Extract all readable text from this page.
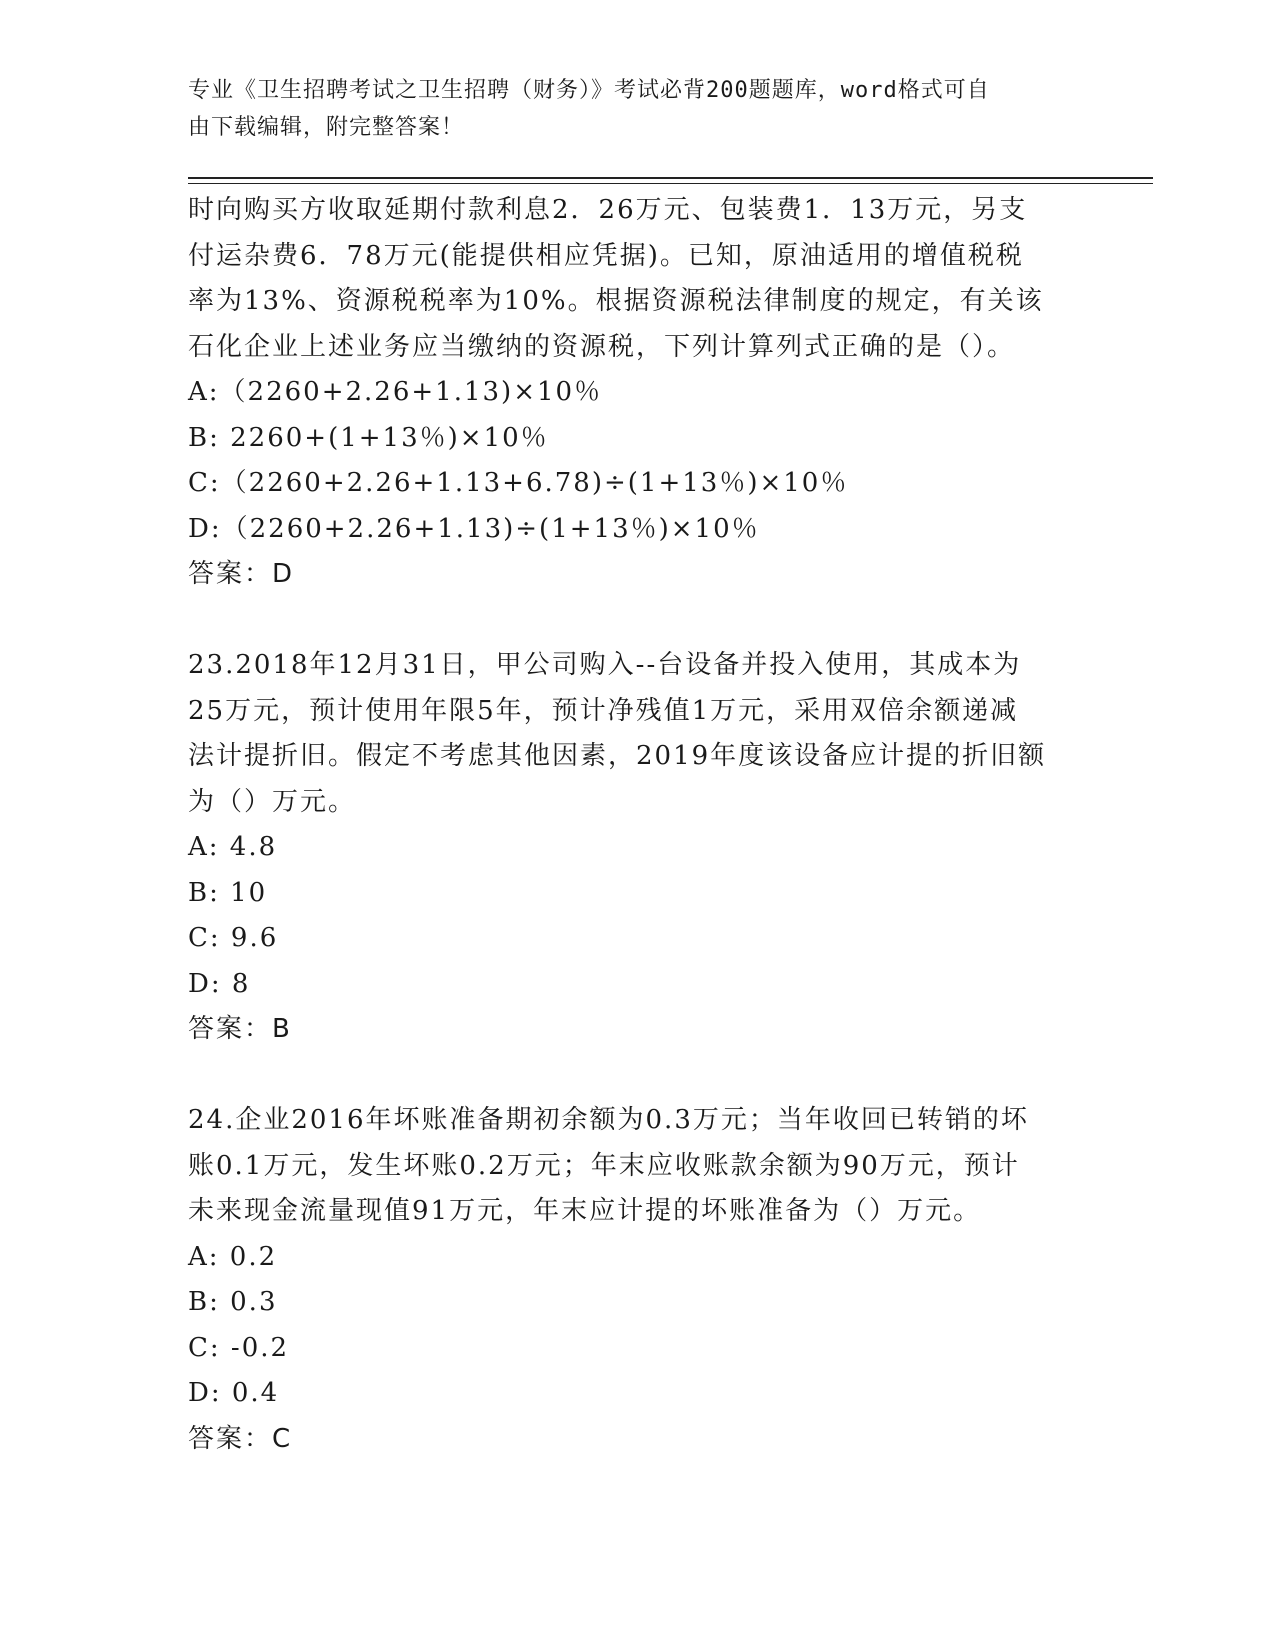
专业《卫生招聘考试之卫生招聘（财务）》考试必背200题题库，word格式可自
由下载编辑，附完整答案！
时向购买方收取延期付款利息2．26万元、包装费1．13万元，另支
付运杂费6．78万元(能提供相应凭据)。已知，原油适用的增值税税
率为13%、资源税税率为10%。根据资源税法律制度的规定，有关该
石化企业上述业务应当缴纳的资源税，下列计算列式正确的是（）。
A:（2260+2.26+1.13)×10％
B: 2260+(1+13％)×10％
C:（2260+2.26+1.13+6.78)÷(1+13％)×10％
D:（2260+2.26+1.13)÷(1+13％)×10％
答案：D
23.2018年12月31日，甲公司购入--台设备并投入使用，其成本为
25万元，预计使用年限5年，预计净残值1万元，采用双倍余额递减
法计提折旧。假定不考虑其他因素，2019年度该设备应计提的折旧额
为（）万元。
A: 4.8
B: 10
C: 9.6
D: 8
答案：B
24.企业2016年坏账准备期初余额为0.3万元；当年收回已转销的坏
账0.1万元，发生坏账0.2万元；年末应收账款余额为90万元，预计
未来现金流量现值91万元，年末应计提的坏账准备为（）万元。
A: 0.2
B: 0.3
C: -0.2
D: 0.4
答案：C
